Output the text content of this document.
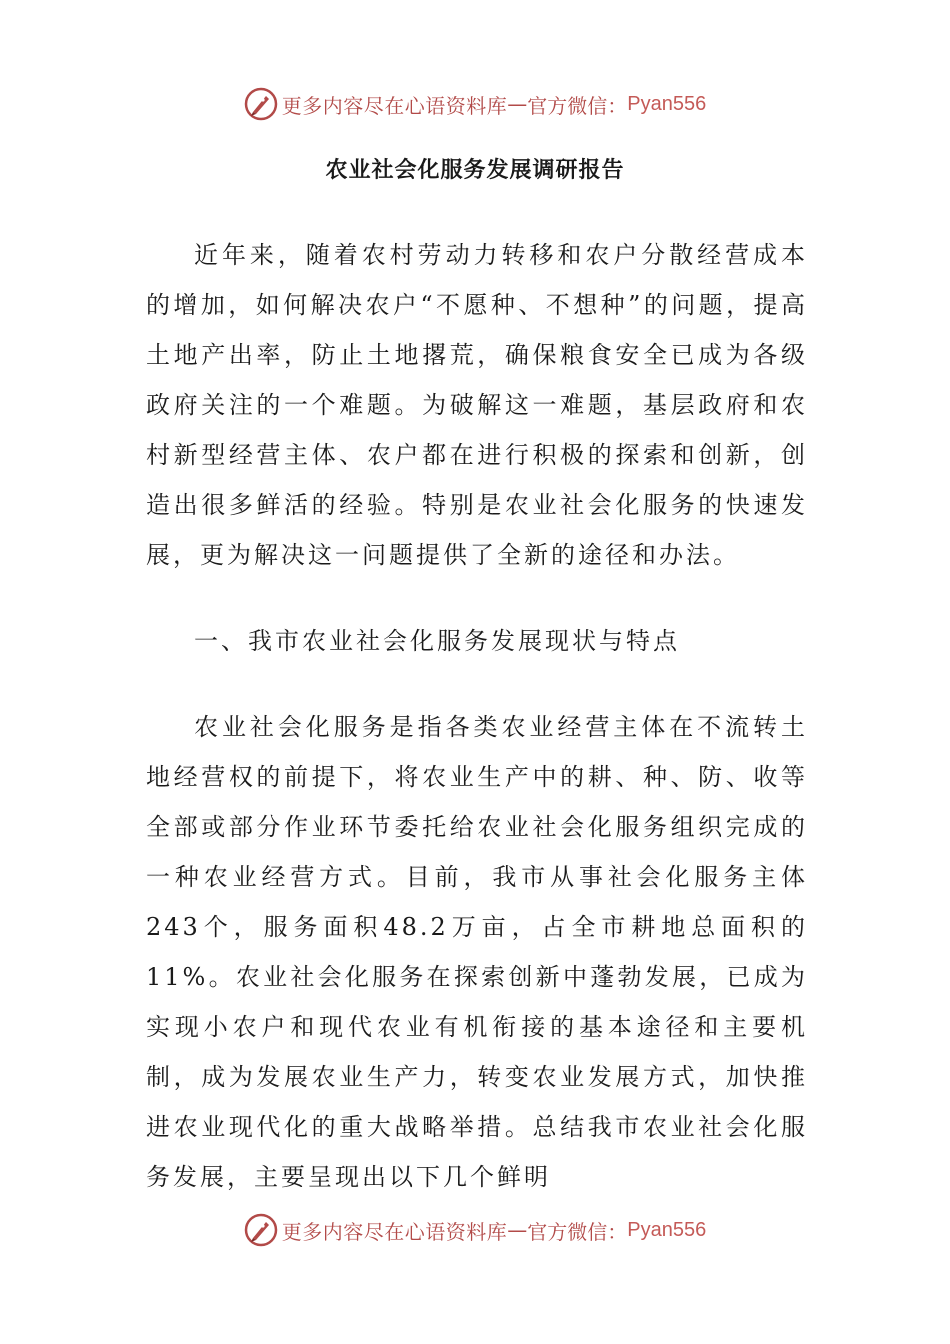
更多内容尽在心语资料库 — 官方微信： Pyan556
农业社会化服务发展调研报告

近年来，随着农村劳动力转移和农户分散经营成本的增加，如何解决农户“不愿种、不想种”的问题，提高土地产出率，防止土地撂荒，确保粮食安全已成为各级政府关注的一个难题。为破解这一难题，基层政府和农村新型经营主体、农户都在进行积极的探索和创新，创造出很多鲜活的经验。特别是农业社会化服务的快速发展，更为解决这一问题提供了全新的途径和办法。

一、我市农业社会化服务发展现状与特点

农业社会化服务是指各类农业经营主体在不流转土地经营权的前提下，将农业生产中的耕、种、防、收等全部或部分作业环节委托给农业社会化服务组织完成的一种农业经营方式。目前，我市从事社会化服务主体243个，服务面积48.2万亩，占全市耕地总面积的11%。农业社会化服务在探索创新中蓬勃发展，已成为实现小农户和现代农业有机衔接的基本途径和主要机制，成为发展农业生产力，转变农业发展方式，加快推进农业现代化的重大战略举措。总结我市农业社会化服务发展，主要呈现出以下几个鲜明

更多内容尽在心语资料库 — 官方微信： Pyan556
